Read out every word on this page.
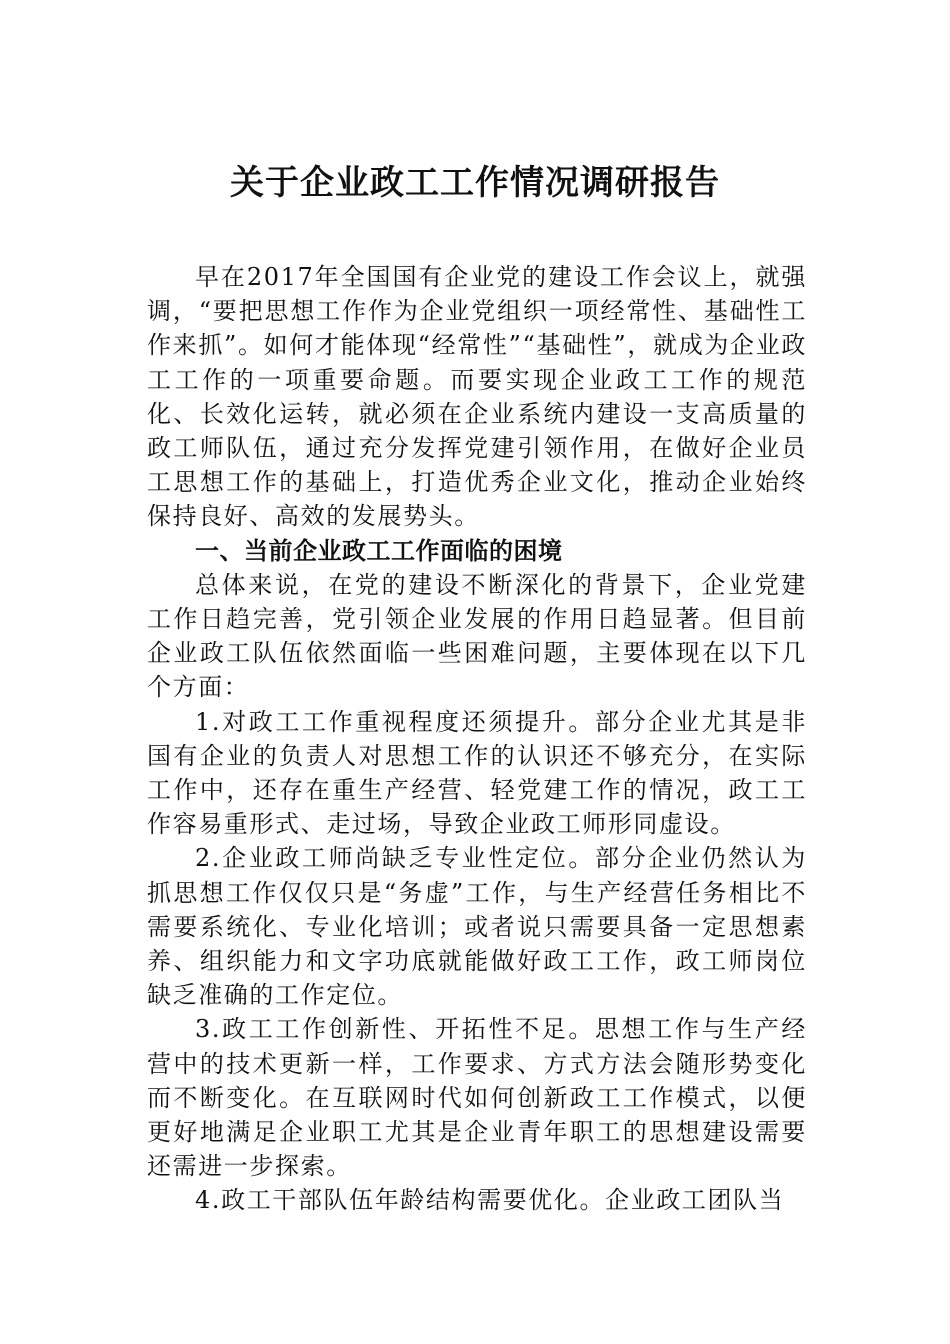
关于企业政工工作情况调研报告

早在2017年全国国有企业党的建设工作会议上，就强调，“要把思想工作作为企业党组织一项经常性、基础性工作来抓”。如何才能体现“经常性”“基础性”，就成为企业政工工作的一项重要命题。而要实现企业政工工作的规范化、长效化运转，就必须在企业系统内建设一支高质量的政工师队伍，通过充分发挥党建引领作用，在做好企业员工思想工作的基础上，打造优秀企业文化，推动企业始终保持良好、高效的发展势头。

一、当前企业政工工作面临的困境

总体来说，在党的建设不断深化的背景下，企业党建工作日趋完善，党引领企业发展的作用日趋显著。但目前企业政工队伍依然面临一些困难问题，主要体现在以下几个方面：

1.对政工工作重视程度还须提升。部分企业尤其是非国有企业的负责人对思想工作的认识还不够充分，在实际工作中，还存在重生产经营、轻党建工作的情况，政工工作容易重形式、走过场，导致企业政工师形同虚设。

2.企业政工师尚缺乏专业性定位。部分企业仍然认为抓思想工作仅仅只是“务虚”工作，与生产经营任务相比不需要系统化、专业化培训；或者说只需要具备一定思想素养、组织能力和文字功底就能做好政工工作，政工师岗位缺乏准确的工作定位。

3.政工工作创新性、开拓性不足。思想工作与生产经营中的技术更新一样，工作要求、方式方法会随形势变化而不断变化。在互联网时代如何创新政工工作模式，以便更好地满足企业职工尤其是企业青年职工的思想建设需要还需进一步探索。

4.政工干部队伍年龄结构需要优化。企业政工团队当
